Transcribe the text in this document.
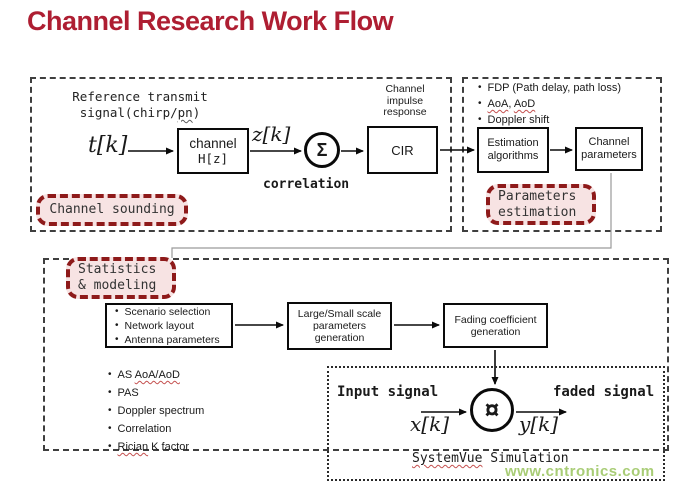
Channel Research Work Flow
Reference transmit
signal(chirp/pn)
t[k]	channel
H[z]
z[k]
Σ
correlation
Channel
impulse
response
CIR
Channel sounding
• FDP (Path delay, path loss)
• AoA, AoD
• Doppler shift
Estimation
algorithms
Channel
parameters
Parameters
estimation
Statistics
& modeling
• Scenario selection
• Network layout
• Antenna parameters
Large/Small scale
parameters
generation
Fading coefficient
generation
• AS AoA/AoD
• PAS
• Doppler spectrum
• Correlation
• Rician K factor
Input signal
x[k] ¤ y[k]
faded signal
SystemVue Simulation
www.cntronics.com
